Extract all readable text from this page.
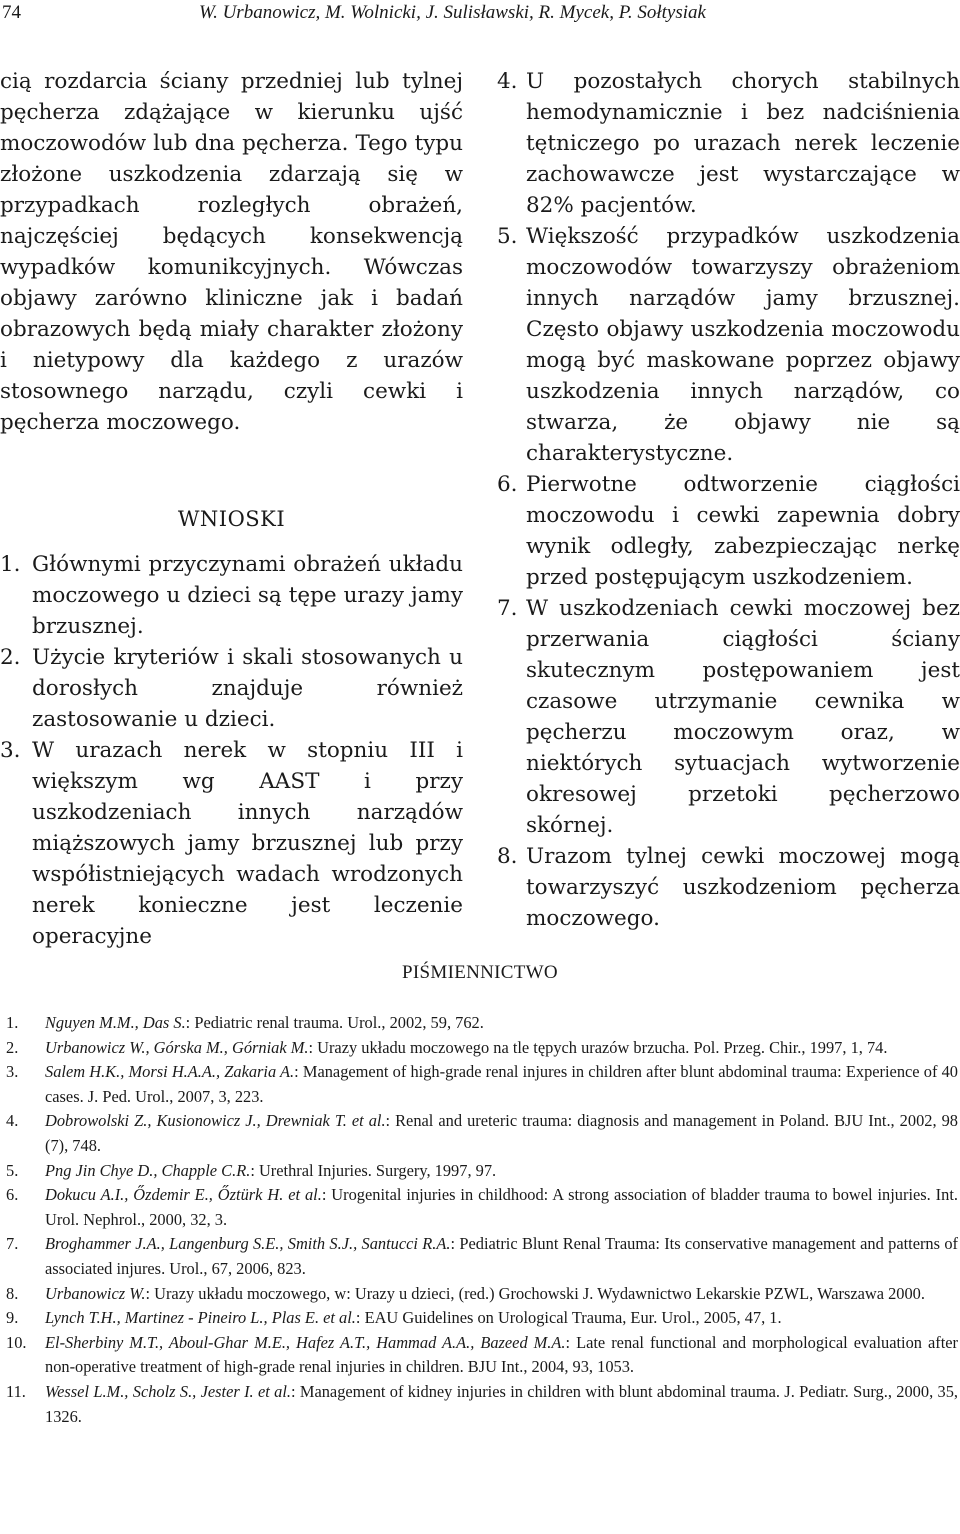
74	W. Urbanowicz, M. Wolnicki, J. Sulisławski, R. Mycek, P. Sołtysiak

cią rozdarcia ściany przedniej lub tylnej pęcherza zdążające w kierunku ujść moczowodów lub dna pęcherza. Tego typu złożone uszkodzenia zdarzają się w przypadkach rozległych obrażeń, najczęściej będących konsekwencją wypadków komunikcyjnych. Wówczas objawy zarówno kliniczne jak i badań obrazowych będą miały charakter złożony i nietypowy dla każdego z urazów stosownego narządu, czyli cewki i pęcherza moczowego.

WNIOSKI
1. Głównymi przyczynami obrażeń układu moczowego u dzieci są tępe urazy jamy brzusznej.
2. Użycie kryteriów i skali stosowanych u dorosłych znajduje również zastosowanie u dzieci.
3. W urazach nerek w stopniu III i większym wg AAST i przy uszkodzeniach innych narządów miąższowych jamy brzusznej lub przy współistniejących wadach wrodzonych nerek konieczne jest leczenie operacyjne
4. U pozostałych chorych stabilnych hemodynamicznie i bez nadciśnienia tętniczego po urazach nerek leczenie zachowawcze jest wystarczające w 82% pacjentów.
5. Większość przypadków uszkodzenia moczowodów towarzyszy obrażeniom innych narządów jamy brzusznej. Często objawy uszkodzenia moczowodu mogą być maskowane poprzez objawy uszkodzenia innych narządów, co stwarza, że objawy nie są charakterystyczne.
6. Pierwotne odtworzenie ciągłości moczowodu i cewki zapewnia dobry wynik odległy, zabezpieczając nerkę przed postępującym uszkodzeniem.
7. W uszkodzeniach cewki moczowej bez przerwania ciągłości ściany skutecznym postępowaniem jest czasowe utrzymanie cewnika w pęcherzu moczowym oraz, w niektórych sytuacjach wytworzenie okresowej przetoki pęcherzowo skórnej.
8. Urazom tylnej cewki moczowej mogą towarzyszyć uszkodzeniom pęcherza moczowego.
PIŚMIENNICTWO
1. Nguyen M.M., Das S.: Pediatric renal trauma. Urol., 2002, 59, 762.
2. Urbanowicz W., Górska M., Górniak M.: Urazy układu moczowego na tle tępych urazów brzucha. Pol. Przeg. Chir., 1997, 1, 74.
3. Salem H.K., Morsi H.A.A., Zakaria A.: Management of high-grade renal injures in children after blunt abdominal trauma: Experience of 40 cases. J. Ped. Urol., 2007, 3, 223.
4. Dobrowolski Z., Kusionowicz J., Drewniak T. et al.: Renal and ureteric trauma: diagnosis and management in Poland. BJU Int., 2002, 98 (7), 748.
5. Png Jin Chye D., Chapple C.R.: Urethral Injuries. Surgery, 1997, 97.
6. Dokucu A.I., Őzdemir E., Őztürk H. et al.: Urogenital injuries in childhood: A strong association of bladder trauma to bowel injuries. Int. Urol. Nephrol., 2000, 32, 3.
7. Broghammer J.A., Langenburg S.E., Smith S.J., Santucci R.A.: Pediatric Blunt Renal Trauma: Its conservative management and patterns of associated injures. Urol., 67, 2006, 823.
8. Urbanowicz W.: Urazy układu moczowego, w: Urazy u dzieci, (red.) Grochowski J. Wydawnictwo Lekarskie PZWL, Warszawa 2000.
9. Lynch T.H., Martinez - Pineiro L., Plas E. et al.: EAU Guidelines on Urological Trauma, Eur. Urol., 2005, 47, 1.
10. El-Sherbiny M.T., Aboul-Ghar M.E., Hafez A.T., Hammad A.A., Bazeed M.A.: Late renal functional and morphological evaluation after non-operative treatment of high-grade renal injuries in children. BJU Int., 2004, 93, 1053.
11. Wessel L.M., Scholz S., Jester I. et al.: Management of kidney injuries in children with blunt abdominal trauma. J. Pediatr. Surg., 2000, 35, 1326.
